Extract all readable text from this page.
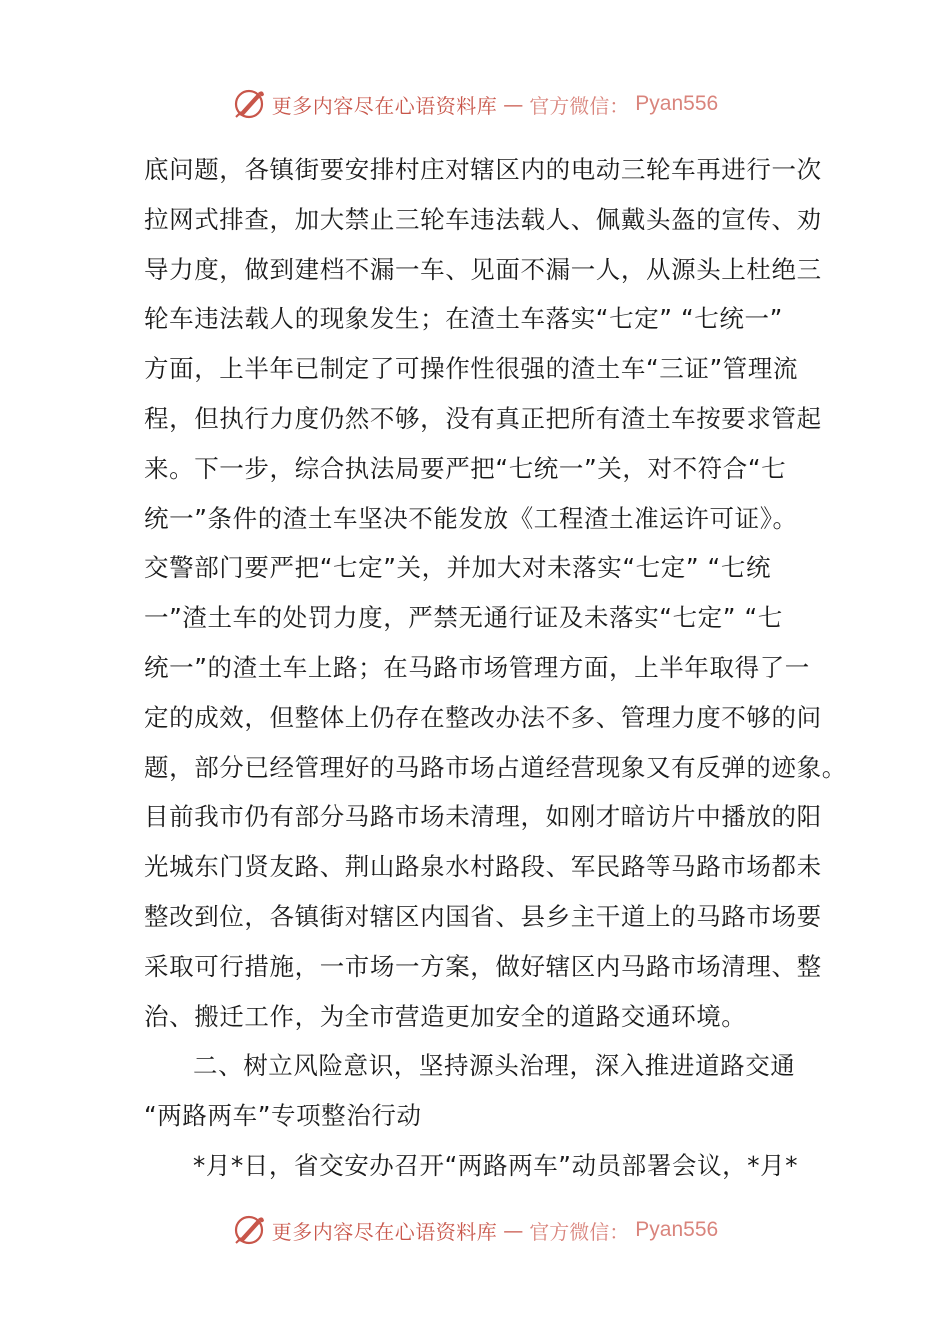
更多内容尽在心语资料库 — 官方微信： Pyan556
底问题，各镇街要安排村庄对辖区内的电动三轮车再进行一次
拉网式排查，加大禁止三轮车违法载人、佩戴头盔的宣传、劝
导力度，做到建档不漏一车、见面不漏一人，从源头上杜绝三
轮车违法载人的现象发生；在渣土车落实“七定” “七统一”
方面，上半年已制定了可操作性很强的渣土车“三证”管理流
程，但执行力度仍然不够，没有真正把所有渣土车按要求管起
来。下一步，综合执法局要严把“七统一”关，对不符合“七
统一”条件的渣土车坚决不能发放《工程渣土准运许可证》。
交警部门要严把“七定”关，并加大对未落实“七定” “七统
一”渣土车的处罚力度，严禁无通行证及未落实“七定” “七
统一”的渣土车上路；在马路市场管理方面，上半年取得了一
定的成效，但整体上仍存在整改办法不多、管理力度不够的问
题，部分已经管理好的马路市场占道经营现象又有反弹的迹象。
目前我市仍有部分马路市场未清理，如刚才暗访片中播放的阳
光城东门贤友路、荆山路泉水村路段、军民路等马路市场都未
整改到位，各镇街对辖区内国省、县乡主干道上的马路市场要
采取可行措施，一市场一方案，做好辖区内马路市场清理、整
治、搬迁工作，为全市营造更加安全的道路交通环境。
二、树立风险意识，坚持源头治理，深入推进道路交通
“两路两车”专项整治行动
*月*日，省交安办召开“两路两车”动员部署会议，*月*
更多内容尽在心语资料库 — 官方微信： Pyan556
